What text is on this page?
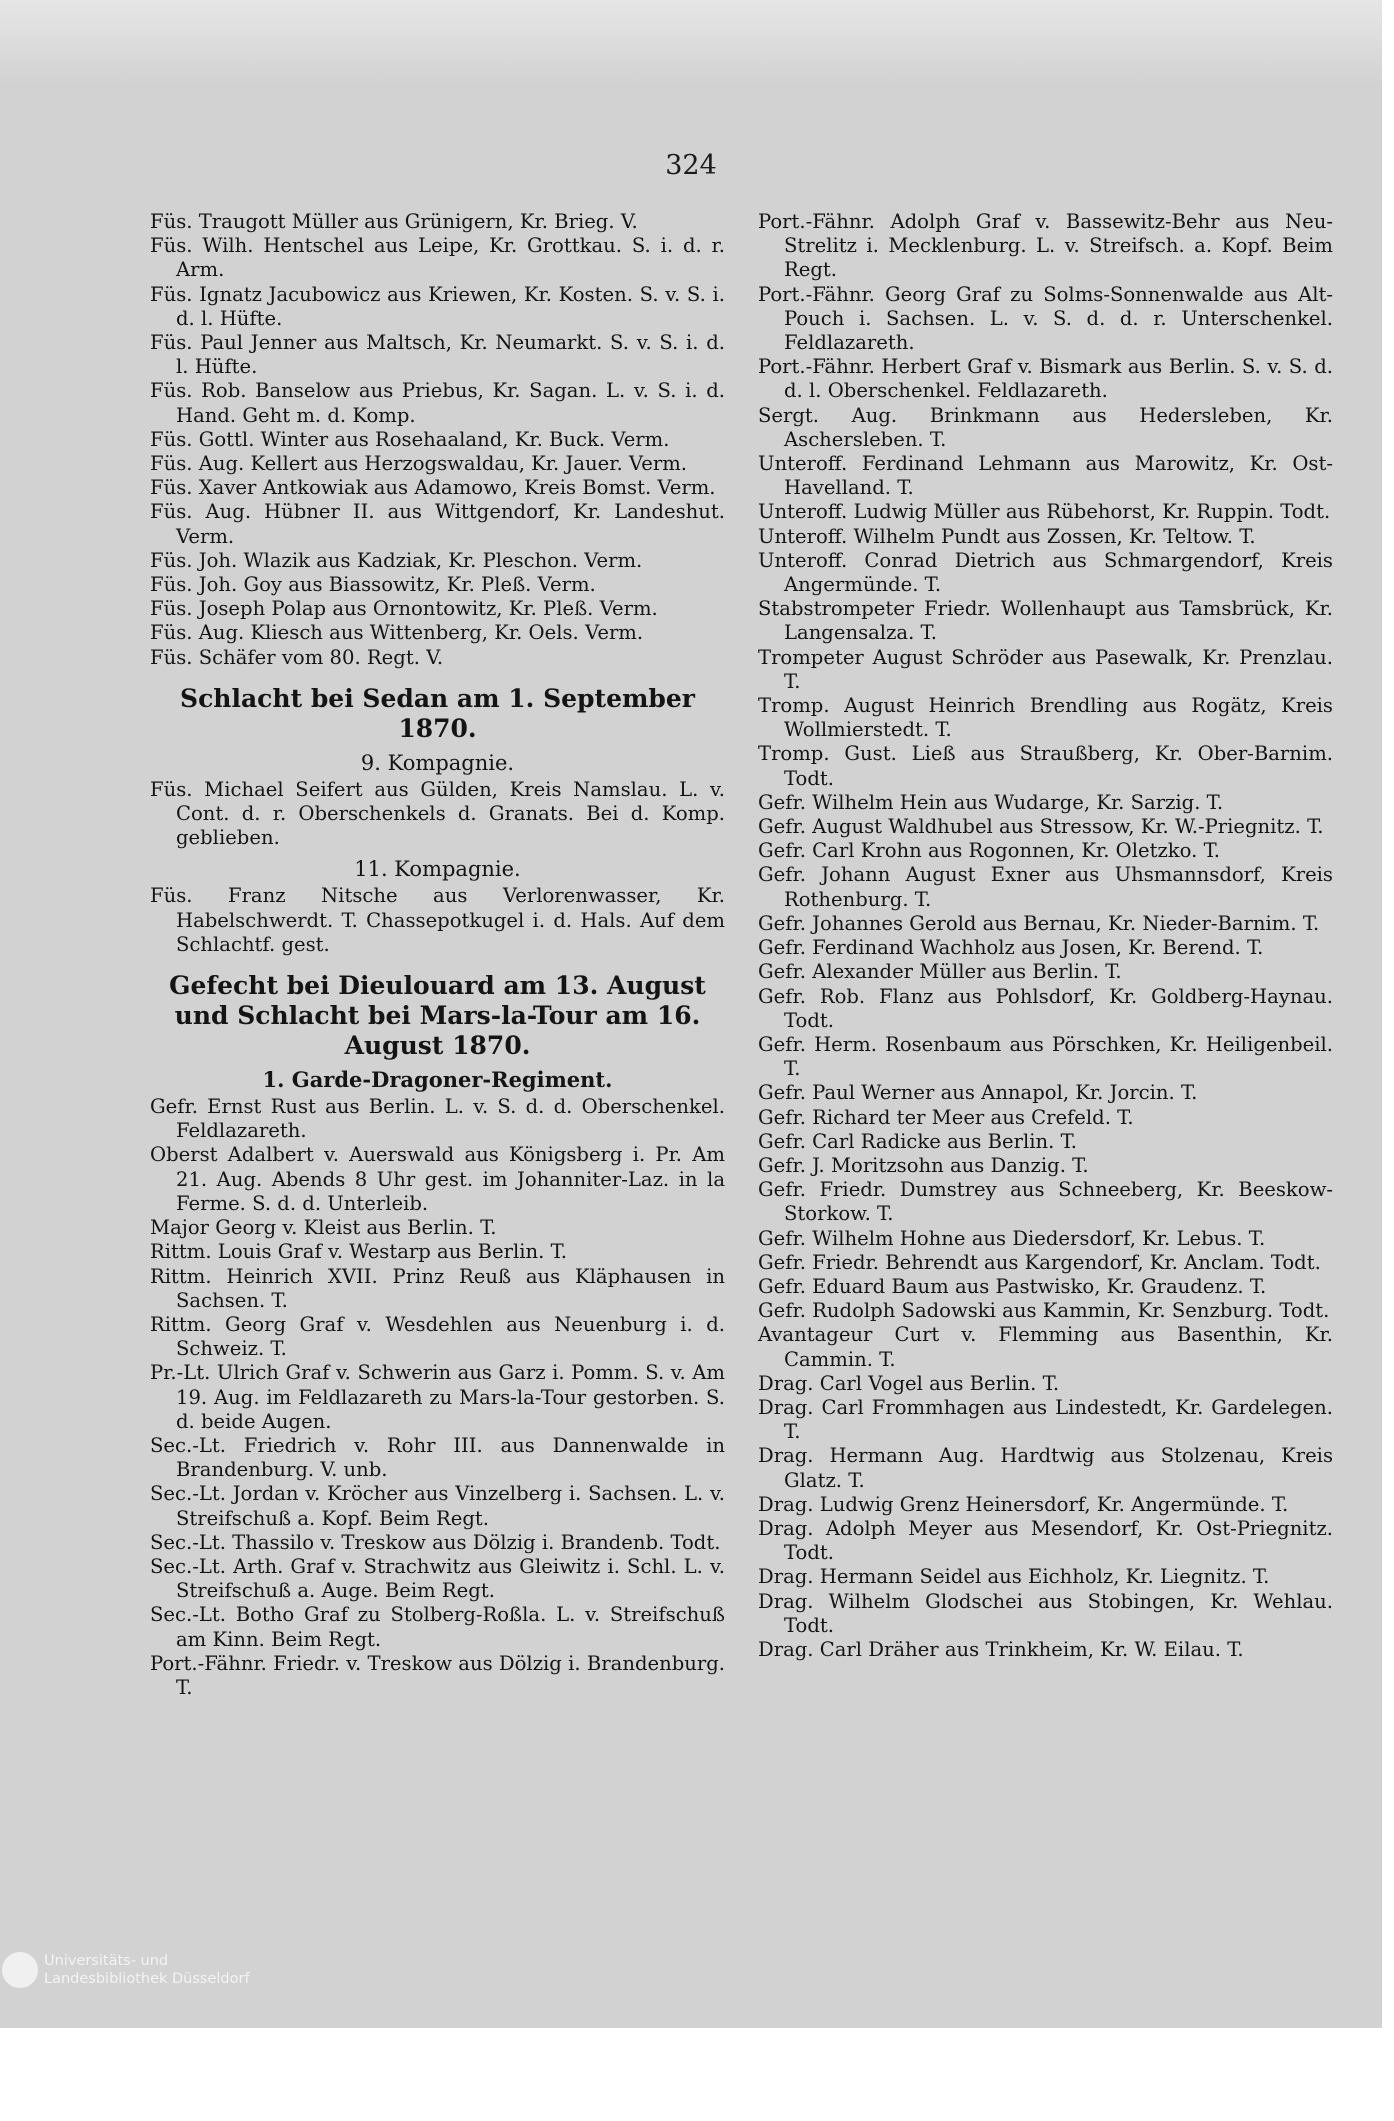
324

Füs. Traugott Müller aus Grünigern, Kr. Brieg. V.

Füs. Wilh. Hentschel aus Leipe, Kr. Grottkau. S. i. d. r. Arm.

Füs. Ignatz Jacubowicz aus Kriewen, Kr. Kosten. S. v. S. i. d. l. Hüfte.

Füs. Paul Jenner aus Maltsch, Kr. Neumarkt. S. v. S. i. d. l. Hüfte.

Füs. Rob. Banselow aus Priebus, Kr. Sagan. L. v. S. i. d. Hand. Geht m. d. Komp.

Füs. Gottl. Winter aus Rosehaaland, Kr. Buck. Verm.

Füs. Aug. Kellert aus Herzogswaldau, Kr. Jauer. Verm.

Füs. Xaver Antkowiak aus Adamowo, Kreis Bomst. Verm.

Füs. Aug. Hübner II. aus Wittgendorf, Kr. Landeshut. Verm.

Füs. Joh. Wlazik aus Kadziak, Kr. Pleschon. Verm.

Füs. Joh. Goy aus Biassowitz, Kr. Pleß. Verm.

Füs. Joseph Polap aus Ornontowitz, Kr. Pleß. Verm.

Füs. Aug. Kliesch aus Wittenberg, Kr. Oels. Verm.

Füs. Schäfer vom 80. Regt. V.

Schlacht bei Sedan am 1. September 1870.

9. Kompagnie.

Füs. Michael Seifert aus Gülden, Kreis Namslau. L. v. Cont. d. r. Oberschenkels d. Granats. Bei d. Komp. geblieben.

11. Kompagnie.

Füs. Franz Nitsche aus Verlorenwasser, Kr. Habelschwerdt. T. Chassepotkugel i. d. Hals. Auf dem Schlachtf. gest.

Gefecht bei Dieulouard am 13. August und Schlacht bei Mars-la-Tour am 16. August 1870.

1. Garde-Dragoner-Regiment.

Gefr. Ernst Rust aus Berlin. L. v. S. d. d. Oberschenkel. Feldlazareth.

Oberst Adalbert v. Auerswald aus Königsberg i. Pr. Am 21. Aug. Abends 8 Uhr gest. im Johanniter-Laz. in la Ferme. S. d. d. Unterleib.

Major Georg v. Kleist aus Berlin. T.

Rittm. Louis Graf v. Westarp aus Berlin. T.

Rittm. Heinrich XVII. Prinz Reuß aus Kläphausen in Sachsen. T.

Rittm. Georg Graf v. Wesdehlen aus Neuenburg i. d. Schweiz. T.

Pr.-Lt. Ulrich Graf v. Schwerin aus Garz i. Pomm. S. v. Am 19. Aug. im Feldlazareth zu Mars-la-Tour gestorben. S. d. beide Augen.

Sec.-Lt. Friedrich v. Rohr III. aus Dannenwalde in Brandenburg. V. unb.

Sec.-Lt. Jordan v. Kröcher aus Vinzelberg i. Sachsen. L. v. Streifschuß a. Kopf. Beim Regt.

Sec.-Lt. Thassilo v. Treskow aus Dölzig i. Brandenb. Todt.

Sec.-Lt. Arth. Graf v. Strachwitz aus Gleiwitz i. Schl. L. v. Streifschuß a. Auge. Beim Regt.

Sec.-Lt. Botho Graf zu Stolberg-Roßla. L. v. Streifschuß am Kinn. Beim Regt.

Port.-Fähnr. Friedr. v. Treskow aus Dölzig i. Brandenburg. T.

Port.-Fähnr. Adolph Graf v. Bassewitz-Behr aus Neu-Strelitz i. Mecklenburg. L. v. Streifsch. a. Kopf. Beim Regt.

Port.-Fähnr. Georg Graf zu Solms-Sonnenwalde aus Alt-Pouch i. Sachsen. L. v. S. d. d. r. Unterschenkel. Feldlazareth.

Port.-Fähnr. Herbert Graf v. Bismark aus Berlin. S. v. S. d. d. l. Oberschenkel. Feldlazareth.

Sergt. Aug. Brinkmann aus Hedersleben, Kr. Aschersleben. T.

Unteroff. Ferdinand Lehmann aus Marowitz, Kr. Ost-Havelland. T.

Unteroff. Ludwig Müller aus Rübehorst, Kr. Ruppin. Todt.

Unteroff. Wilhelm Pundt aus Zossen, Kr. Teltow. T.

Unteroff. Conrad Dietrich aus Schmargendorf, Kreis Angermünde. T.

Stabstrompeter Friedr. Wollenhaupt aus Tamsbrück, Kr. Langensalza. T.

Trompeter August Schröder aus Pasewalk, Kr. Prenzlau. T.

Tromp. August Heinrich Brendling aus Rogätz, Kreis Wollmierstedt. T.

Tromp. Gust. Ließ aus Straußberg, Kr. Ober-Barnim. Todt.

Gefr. Wilhelm Hein aus Wudarge, Kr. Sarzig. T.

Gefr. August Waldhubel aus Stressow, Kr. W.-Priegnitz. T.

Gefr. Carl Krohn aus Rogonnen, Kr. Oletzko. T.

Gefr. Johann August Exner aus Uhsmannsdorf, Kreis Rothenburg. T.

Gefr. Johannes Gerold aus Bernau, Kr. Nieder-Barnim. T.

Gefr. Ferdinand Wachholz aus Josen, Kr. Berend. T.

Gefr. Alexander Müller aus Berlin. T.

Gefr. Rob. Flanz aus Pohlsdorf, Kr. Goldberg-Haynau. Todt.

Gefr. Herm. Rosenbaum aus Pörschken, Kr. Heiligenbeil. T.

Gefr. Paul Werner aus Annapol, Kr. Jorcin. T.

Gefr. Richard ter Meer aus Crefeld. T.

Gefr. Carl Radicke aus Berlin. T.

Gefr. J. Moritzsohn aus Danzig. T.

Gefr. Friedr. Dumstrey aus Schneeberg, Kr. Beeskow-Storkow. T.

Gefr. Wilhelm Hohne aus Diedersdorf, Kr. Lebus. T.

Gefr. Friedr. Behrendt aus Kargendorf, Kr. Anclam. Todt.

Gefr. Eduard Baum aus Pastwisko, Kr. Graudenz. T.

Gefr. Rudolph Sadowski aus Kammin, Kr. Senzburg. Todt.

Avantageur Curt v. Flemming aus Basenthin, Kr. Cammin. T.

Drag. Carl Vogel aus Berlin. T.

Drag. Carl Frommhagen aus Lindestedt, Kr. Gardelegen. T.

Drag. Hermann Aug. Hardtwig aus Stolzenau, Kreis Glatz. T.

Drag. Ludwig Grenz Heinersdorf, Kr. Angermünde. T.

Drag. Adolph Meyer aus Mesendorf, Kr. Ost-Priegnitz. Todt.

Drag. Hermann Seidel aus Eichholz, Kr. Liegnitz. T.

Drag. Wilhelm Glodschei aus Stobingen, Kr. Wehlau. Todt.

Drag. Carl Dräher aus Trinkheim, Kr. W. Eilau. T.

Universitäts- und
Landesbibliothek Düsseldorf
